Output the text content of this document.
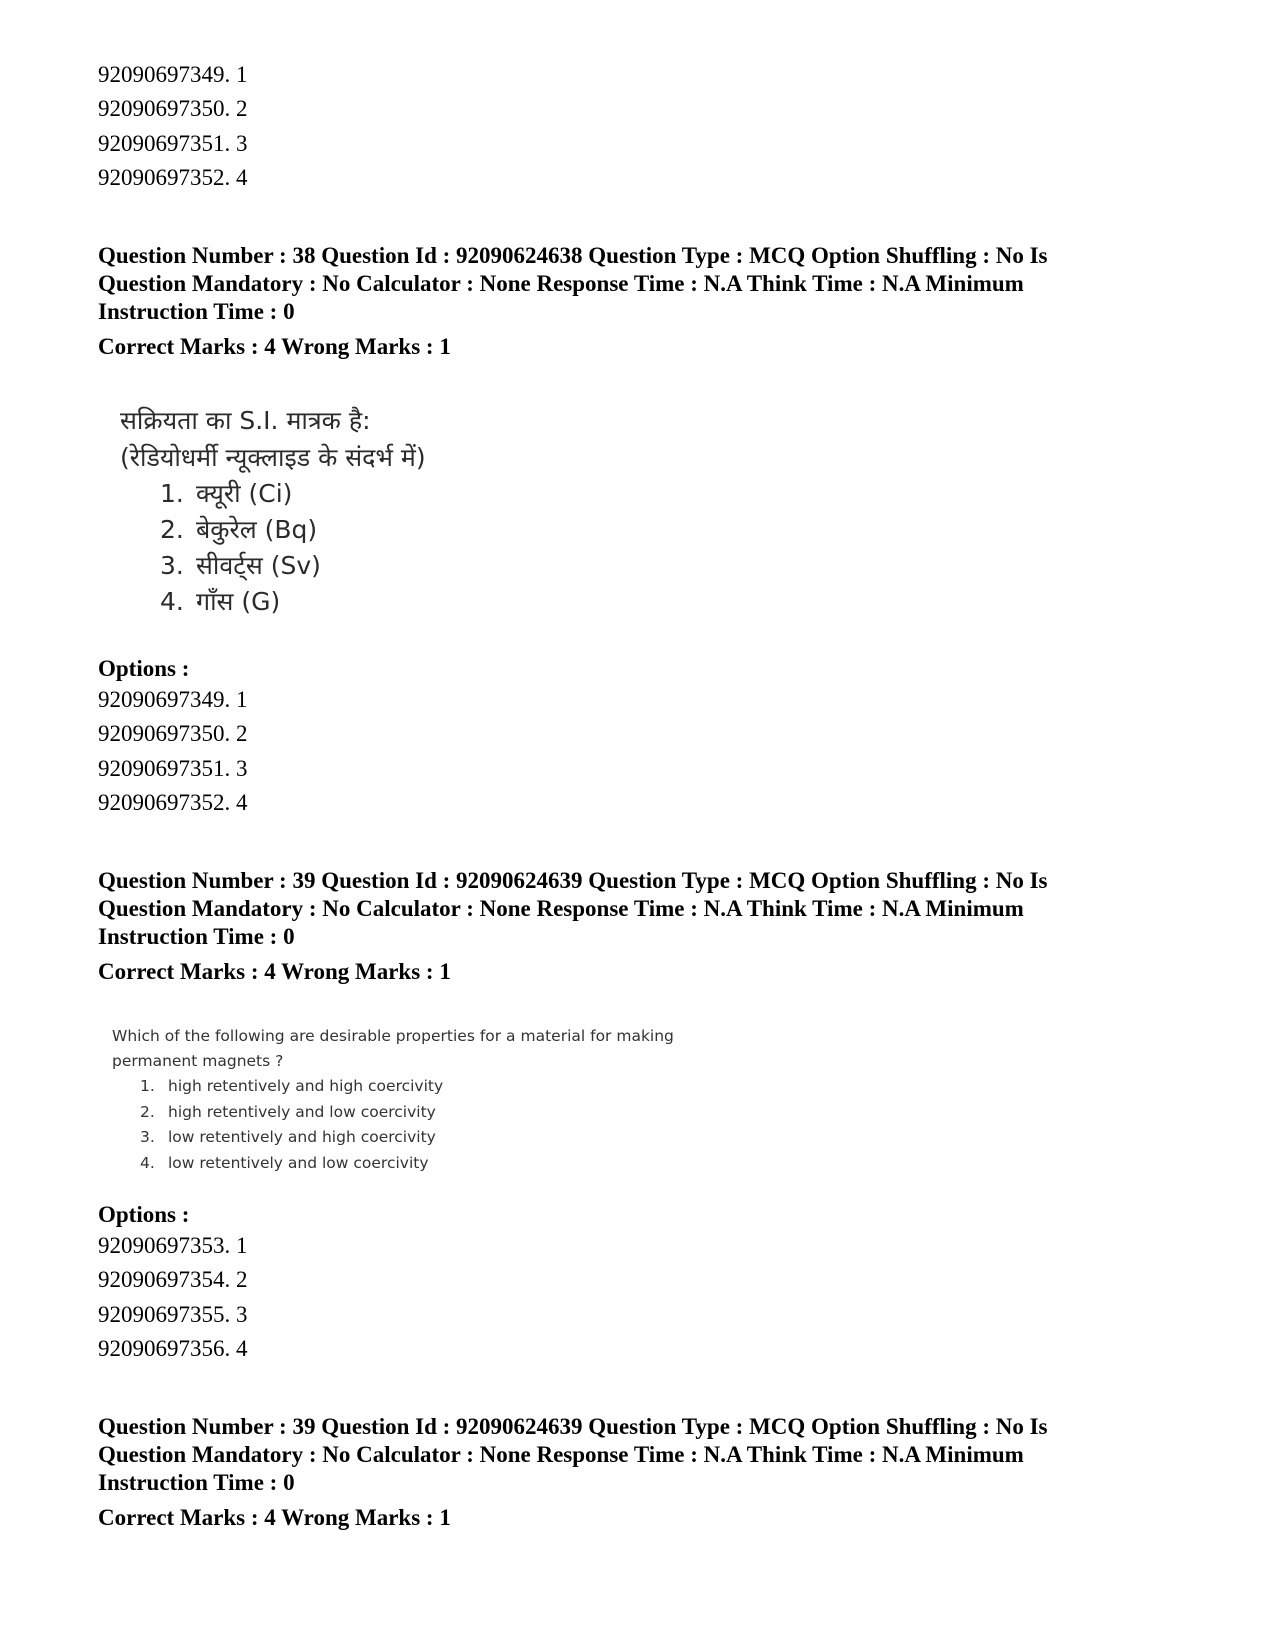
92090697349. 1
92090697350. 2
92090697351. 3
92090697352. 4

Question Number : 38 Question Id : 92090624638 Question Type : MCQ Option Shuffling : No Is

Question Mandatory : No Calculator : None Response Time : N.A Think Time : N.A Minimum

Instruction Time : 0

Correct Marks : 4 Wrong Marks : 1
सक्रियता का S.I. मात्रक है:
(रेडियोधर्मी न्यूक्लाइड के संदर्भ में)
1. क्यूरी (Ci)
2. बेकुरेल (Bq)
3. सीवर्ट्स (Sv)
4. गाँस (G)
Options :
92090697349. 1
92090697350. 2
92090697351. 3
92090697352. 4

Question Number : 39 Question Id : 92090624639 Question Type : MCQ Option Shuffling : No Is

Question Mandatory : No Calculator : None Response Time : N.A Think Time : N.A Minimum

Instruction Time : 0

Correct Marks : 4 Wrong Marks : 1
Which of the following are desirable properties for a material for making
permanent magnets ?
1. high retentively and high coercivity
2. high retentively and low coercivity
3. low retentively and high coercivity
4. low retentively and low coercivity
Options :
92090697353. 1
92090697354. 2
92090697355. 3
92090697356. 4

Question Number : 39 Question Id : 92090624639 Question Type : MCQ Option Shuffling : No Is

Question Mandatory : No Calculator : None Response Time : N.A Think Time : N.A Minimum

Instruction Time : 0

Correct Marks : 4 Wrong Marks : 1
